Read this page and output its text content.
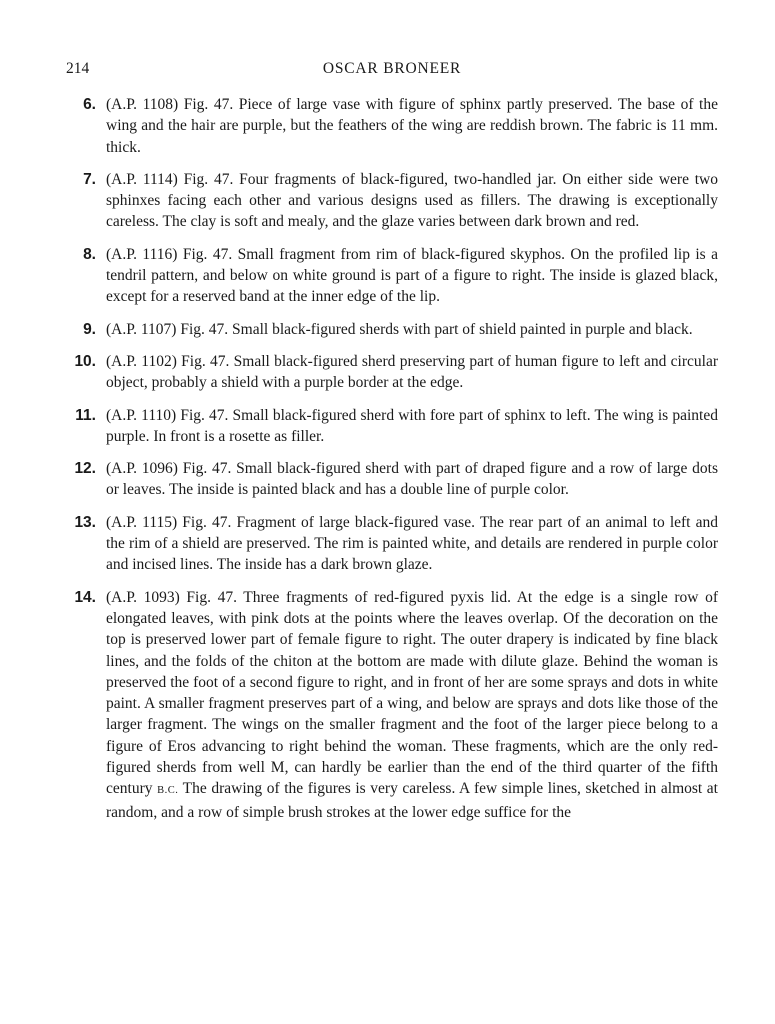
214	OSCAR BRONEER
6. (A.P. 1108) Fig. 47. Piece of large vase with figure of sphinx partly preserved. The base of the wing and the hair are purple, but the feathers of the wing are reddish brown. The fabric is 11 mm. thick.

7. (A.P. 1114) Fig. 47. Four fragments of black-figured, two-handled jar. On either side were two sphinxes facing each other and various designs used as fillers. The drawing is exceptionally careless. The clay is soft and mealy, and the glaze varies between dark brown and red.

8. (A.P. 1116) Fig. 47. Small fragment from rim of black-figured skyphos. On the profiled lip is a tendril pattern, and below on white ground is part of a figure to right. The inside is glazed black, except for a reserved band at the inner edge of the lip.

9. (A.P. 1107) Fig. 47. Small black-figured sherds with part of shield painted in purple and black.

10. (A.P. 1102) Fig. 47. Small black-figured sherd preserving part of human figure to left and circular object, probably a shield with a purple border at the edge.

11. (A.P. 1110) Fig. 47. Small black-figured sherd with fore part of sphinx to left. The wing is painted purple. In front is a rosette as filler.

12. (A.P. 1096) Fig. 47. Small black-figured sherd with part of draped figure and a row of large dots or leaves. The inside is painted black and has a double line of purple color.

13. (A.P. 1115) Fig. 47. Fragment of large black-figured vase. The rear part of an animal to left and the rim of a shield are preserved. The rim is painted white, and details are rendered in purple color and incised lines. The inside has a dark brown glaze.

14. (A.P. 1093) Fig. 47. Three fragments of red-figured pyxis lid. At the edge is a single row of elongated leaves, with pink dots at the points where the leaves overlap. Of the decoration on the top is preserved lower part of female figure to right. The outer drapery is indicated by fine black lines, and the folds of the chiton at the bottom are made with dilute glaze. Behind the woman is preserved the foot of a second figure to right, and in front of her are some sprays and dots in white paint. A smaller fragment preserves part of a wing, and below are sprays and dots like those of the larger fragment. The wings on the smaller fragment and the foot of the larger piece belong to a figure of Eros advancing to right behind the woman. These fragments, which are the only red-figured sherds from well M, can hardly be earlier than the end of the third quarter of the fifth century B.C. The drawing of the figures is very careless. A few simple lines, sketched in almost at random, and a row of simple brush strokes at the lower edge suffice for the
